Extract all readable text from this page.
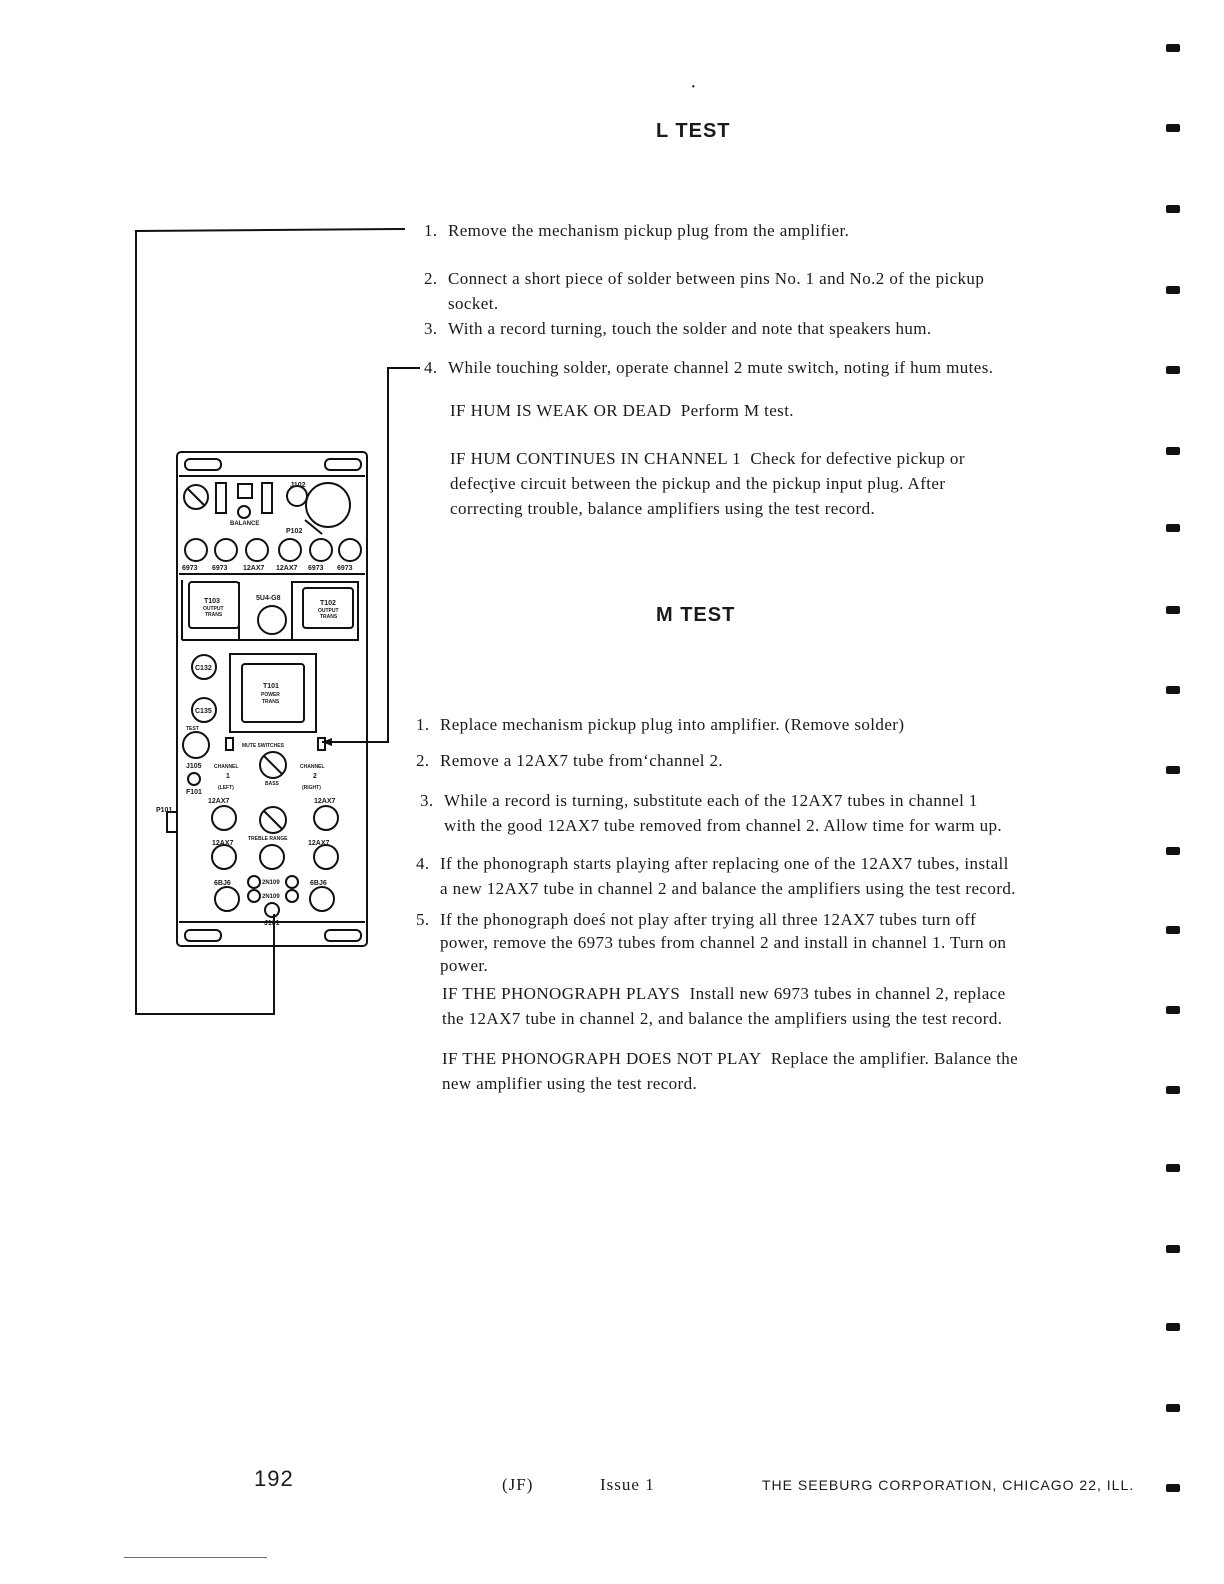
·
L TEST
1. Remove the mechanism pickup plug from the amplifier.
2. Connect a short piece of solder between pins No. 1 and No.2 of the pickup
socket.
3. With a record turning, touch the solder and note that speakers hum.
4. While touching solder, operate channel 2 mute switch, noting if hum mutes.
IF HUM IS WEAK OR DEAD Perform M test.
IF HUM CONTINUES IN CHANNEL 1 Check for defective pickup or
defecţive circuit between the pickup and the pickup input plug. After
correcting trouble, balance amplifiers using the test record.
M TEST
1. Replace mechanism pickup plug into amplifier. (Remove solder)
2. Remove a 12AX7 tube from‘channel 2.
3. While a record is turning, substitute each of the 12AX7 tubes in channel 1
with the good 12AX7 tube removed from channel 2. Allow time for warm up.
4. If the phonograph starts playing after replacing one of the 12AX7 tubes, install
a new 12AX7 tube in channel 2 and balance the amplifiers using the test record.
5. If the phonograph doeś not play after trying all three 12AX7 tubes turn off
power, remove the 6973 tubes from channel 2 and install in channel 1. Turn on
power.
IF THE PHONOGRAPH PLAYS Install new 6973 tubes in channel 2, replace
the 12AX7 tube in channel 2, and balance the amplifiers using the test record.
IF THE PHONOGRAPH DOES NOT PLAY Replace the amplifier. Balance the
new amplifier using the test record.
J102
BALANCE
P102
6973 6973 12AX7 12AX7 6973 6973
T103
OUTPUT
TRANS
5U4-G8
T102
OUTPUT
TRANS
C132
C135
T101
POWER
TRANS
TEST
MUTE SWITCHES
J105
F101
P101
CHANNEL
1
(LEFT)
CHANNEL
2
(RIGHT)
BASS
TREBLE RANGE
12AX7	12AX7
12AX7	12AX7
6BJ6	6BJ6
2N109
2N109
J101
192	(JF)	Issue 1	THE SEEBURG CORPORATION, CHICAGO 22, ILL.
